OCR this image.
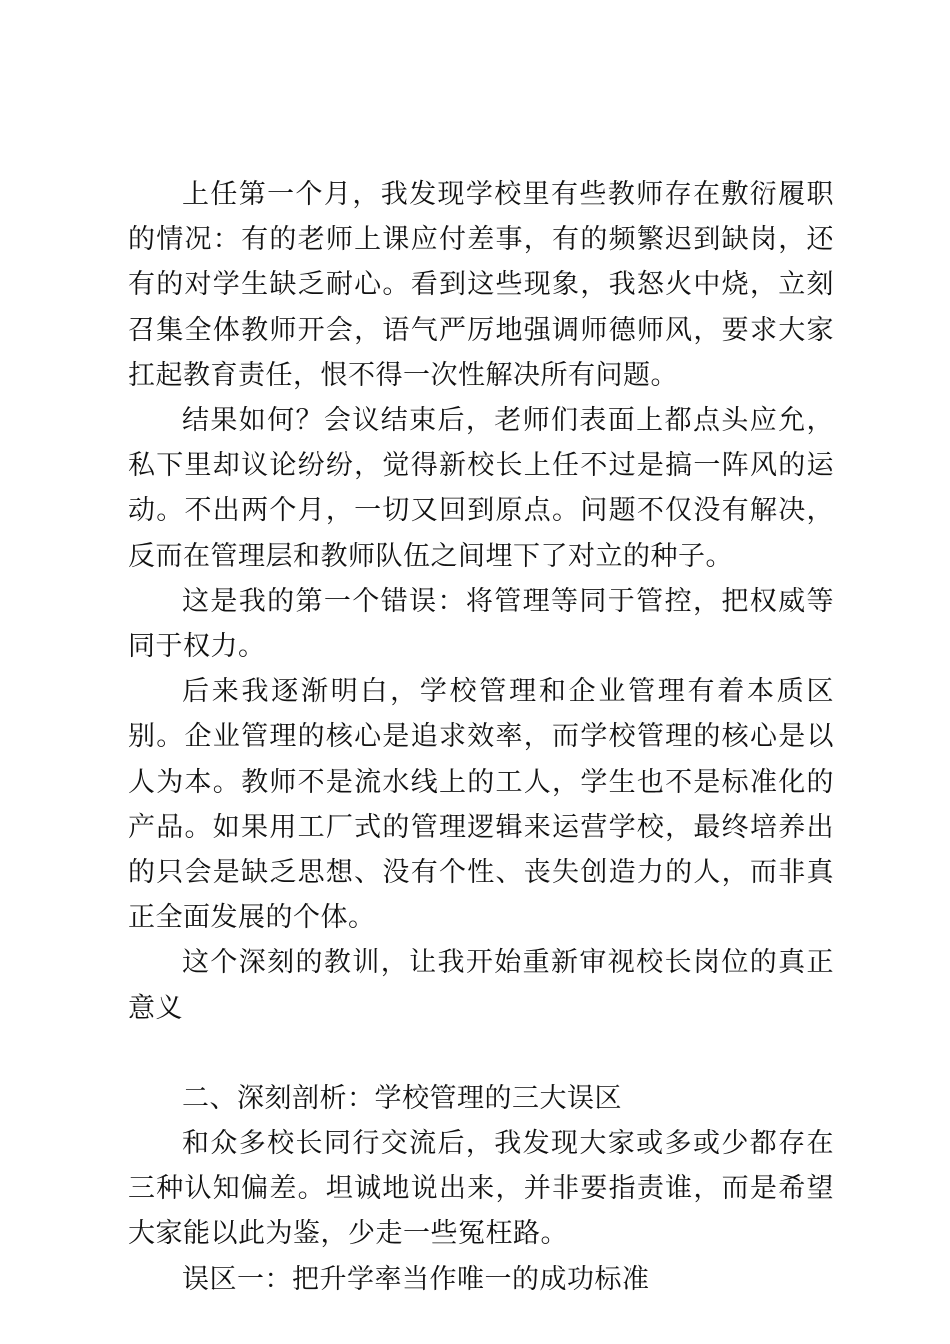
上任第一个月，我发现学校里有些教师存在敷衍履职的情况：有的老师上课应付差事，有的频繁迟到缺岗，还有的对学生缺乏耐心。看到这些现象，我怒火中烧，立刻召集全体教师开会，语气严厉地强调师德师风，要求大家扛起教育责任，恨不得一次性解决所有问题。

结果如何？会议结束后，老师们表面上都点头应允，私下里却议论纷纷，觉得新校长上任不过是搞一阵风的运动。不出两个月，一切又回到原点。问题不仅没有解决，反而在管理层和教师队伍之间埋下了对立的种子。

这是我的第一个错误：将管理等同于管控，把权威等同于权力。

后来我逐渐明白，学校管理和企业管理有着本质区别。企业管理的核心是追求效率，而学校管理的核心是以人为本。教师不是流水线上的工人，学生也不是标准化的产品。如果用工厂式的管理逻辑来运营学校，最终培养出的只会是缺乏思想、没有个性、丧失创造力的人，而非真正全面发展的个体。

这个深刻的教训，让我开始重新审视校长岗位的真正意义

二、深刻剖析：学校管理的三大误区

和众多校长同行交流后，我发现大家或多或少都存在三种认知偏差。坦诚地说出来，并非要指责谁，而是希望大家能以此为鉴，少走一些冤枉路。

误区一：把升学率当作唯一的成功标准
